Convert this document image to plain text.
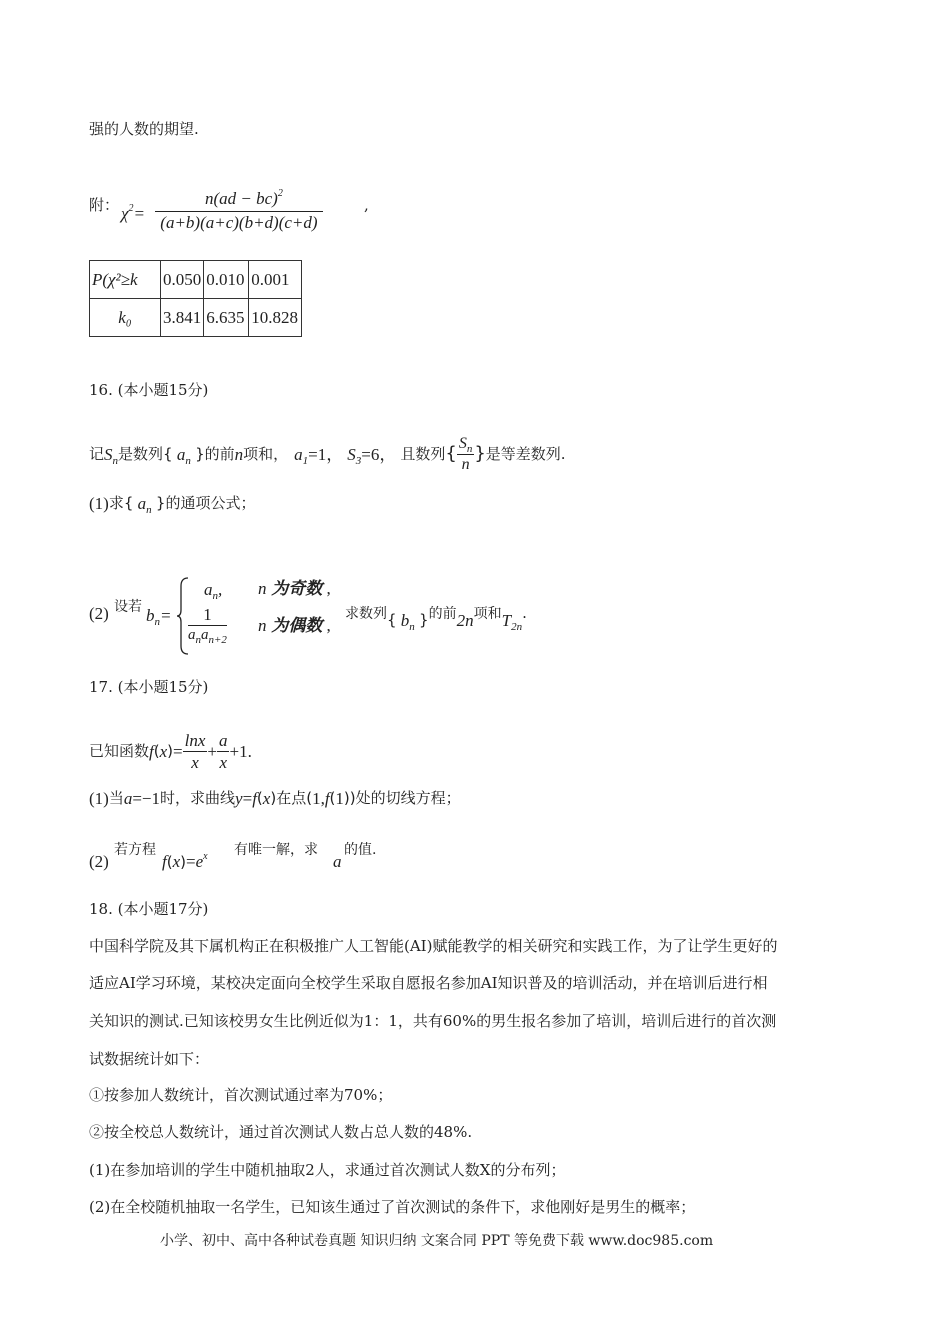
强的人数的期望.
附： $\chi^2= \frac{n(ad - bc)^2}{(a+b)(a+c)(b+d)(c+d)}$	,
P(χ²≥k	0.050	0.010	0.001
k₀	3.841	6.635	10.828
16. (本小题15分)
记 $S_n$ 是数列 { $a_n$ } 的前 n 项和， $a_1 =1$， $S_3 =6$， 且数列 { $\frac{S_n}{n}$ } 是等差数列.
(1) 求 { $a_n$ } 的通项公式；
(2) 设若 $b_n=$
$a_n$, n 为奇数 ,
$\frac{1}{a_na_{n+2}}$ n 为偶数 ,
求数列 { $b_n$ } 的前 2n 项和 $T_{2n}$
.
17. (本小题15分)
已知函数 f ( x ) = $\frac{\ln x}{x} + \frac{a}{x} +1$.
(1) 当 a =−1 时，求曲线 y = f ( x ) 在点 ( 1, f ( 1 )) 处的切线方程；
(2)
若方程
$f(x)=e^x$ 有唯一解，求
a
的值.
18. (本小题17分)
中国科学院及其下属机构正在积极推广人工智能(AI)赋能教学的相关研究和实践工作，为了让学生更好的
适应AI学习环境，某校决定面向全校学生采取自愿报名参加AI知识普及的培训活动，并在培训后进行相
关知识的测试.已知该校男女生比例近似为1：1，共有60%的男生报名参加了培训，培训后进行的首次测
试数据统计如下：
①按参加人数统计，首次测试通过率为70%；
②按全校总人数统计，通过首次测试人数占总人数的48%.
(1)在参加培训的学生中随机抽取2人，求通过首次测试人数X的分布列；
(2)在全校随机抽取一名学生，已知该生通过了首次测试的条件下，求他刚好是男生的概率；
小学、初中、高中各种试卷真题 知识归纳 文案合同 PPT 等免费下载 www.doc985.com
